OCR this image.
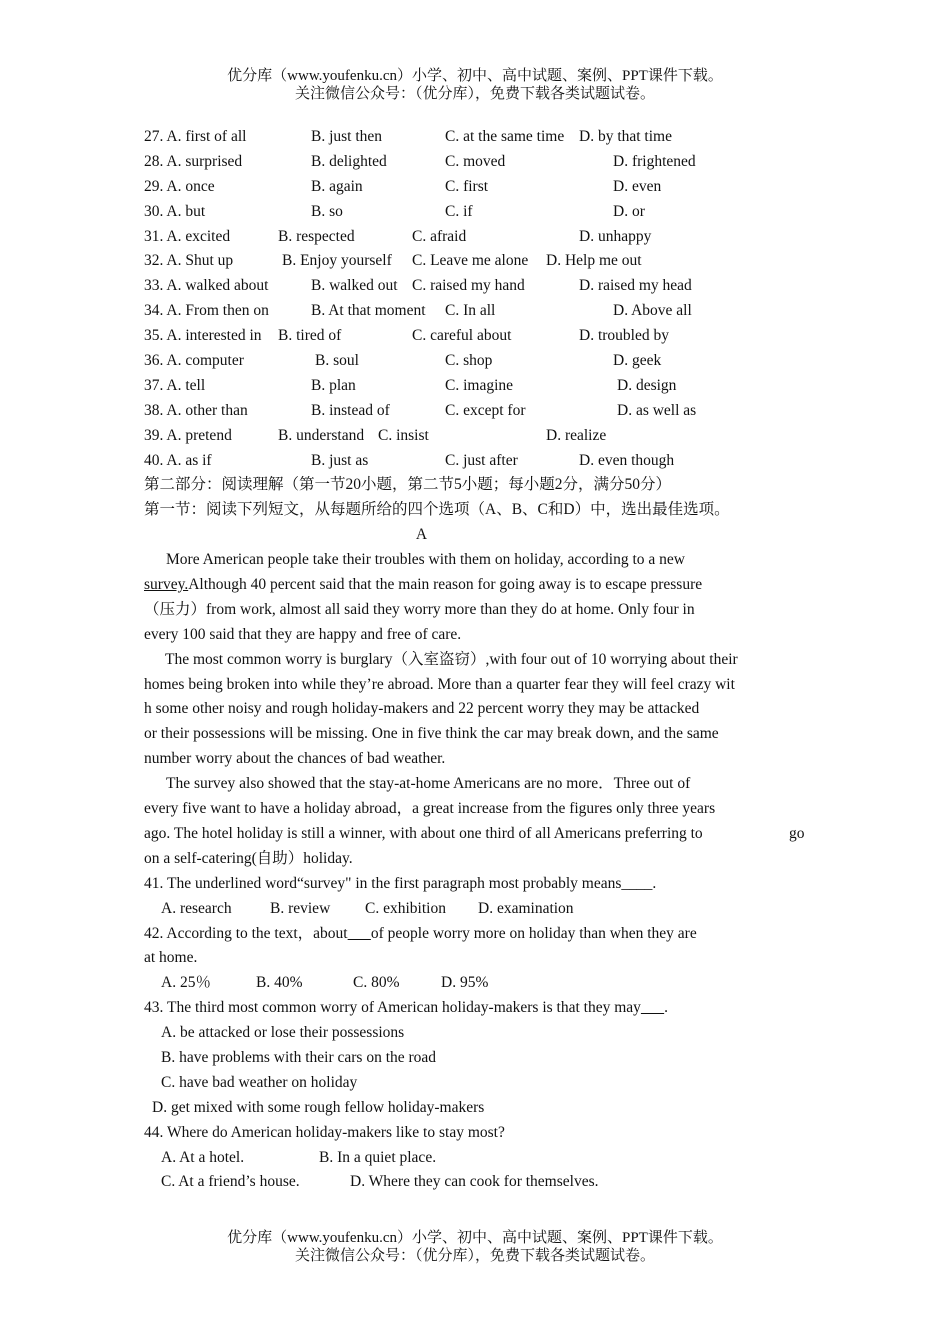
优分库（www.youfenku.cn）小学、初中、高中试题、案例、PPT课件下载。
关注微信公众号：（优分库），免费下载各类试题试卷。
27. A. first of all	B. just then	C. at the same time D. by that time
28. A. surprised	B. delighted	C. moved	D. frightened
29. A. once	B. again	C. first	D. even
30. A. but	B. so	C. if	D. or
31. A. excited	B. respected	C. afraid	D. unhappy
32. A. Shut up	B. Enjoy yourself C. Leave me alone D. Help me out
33. A. walked about	B. walked out C. raised my hand	D. raised my head
34. A. From then on	B. At that moment C. In all	D. Above all
35. A. interested in B. tired of	C. careful about	D. troubled by
36. A. computer	B. soul	C. shop	D. geek
37. A. tell	B. plan	C. imagine	D. design
38. A. other than	B. instead of	C. except for	D. as well as
39. A. pretend	B. understand C. insist	D. realize
40. A. as if	B. just as	C. just after	D. even though
第二部分：阅读理解（第一节20小题，第二节5小题；每小题2分，满分50分）
第一节：阅读下列短文，从每题所给的四个选项（A、B、C和D）中，选出最佳选项。
A
More American people take their troubles with them on holiday, according to a new
survey.Although 40 percent said that the main reason for going away is to escape pressure
（压力）from work, almost all said they worry more than they do at home. Only four in
every 100 said that they are happy and free of care.
The most common worry is burglary（入室盗窃）,with four out of 10 worrying about their
homes being broken into while they’re abroad. More than a quarter fear they will feel crazy wit
h some other noisy and rough holiday-makers and 22 percent worry they may be attacked
or their possessions will be missing. One in five think the car may break down, and the same
number worry about the chances of bad weather.
The survey also showed that the stay-at-home Americans are no more．Three out of
every five want to have a holiday abroad，a great increase from the figures only three years
ago. The hotel holiday is still a winner, with about one third of all Americans preferring to	go
on a self-catering(自助）holiday.
41. The underlined word“survey" in the first paragraph most probably means____.
A. research B. review C. exhibition D. examination
42. According to the text，about of people worry more on holiday than when they are
at home.
A. 25％	B. 40%	C. 80%	D. 95%
43. The third most common worry of American holiday-makers is that they may .
A. be attacked or lose their possessions
B. have problems with their cars on the road
C. have bad weather on holiday
D. get mixed with some rough fellow holiday-makers
44. Where do American holiday-makers like to stay most?
A. At a hotel.	B. In a quiet place.
C. At a friend’s house.	D. Where they can cook for themselves.
优分库（www.youfenku.cn）小学、初中、高中试题、案例、PPT课件下载。
关注微信公众号：（优分库），免费下载各类试题试卷。
